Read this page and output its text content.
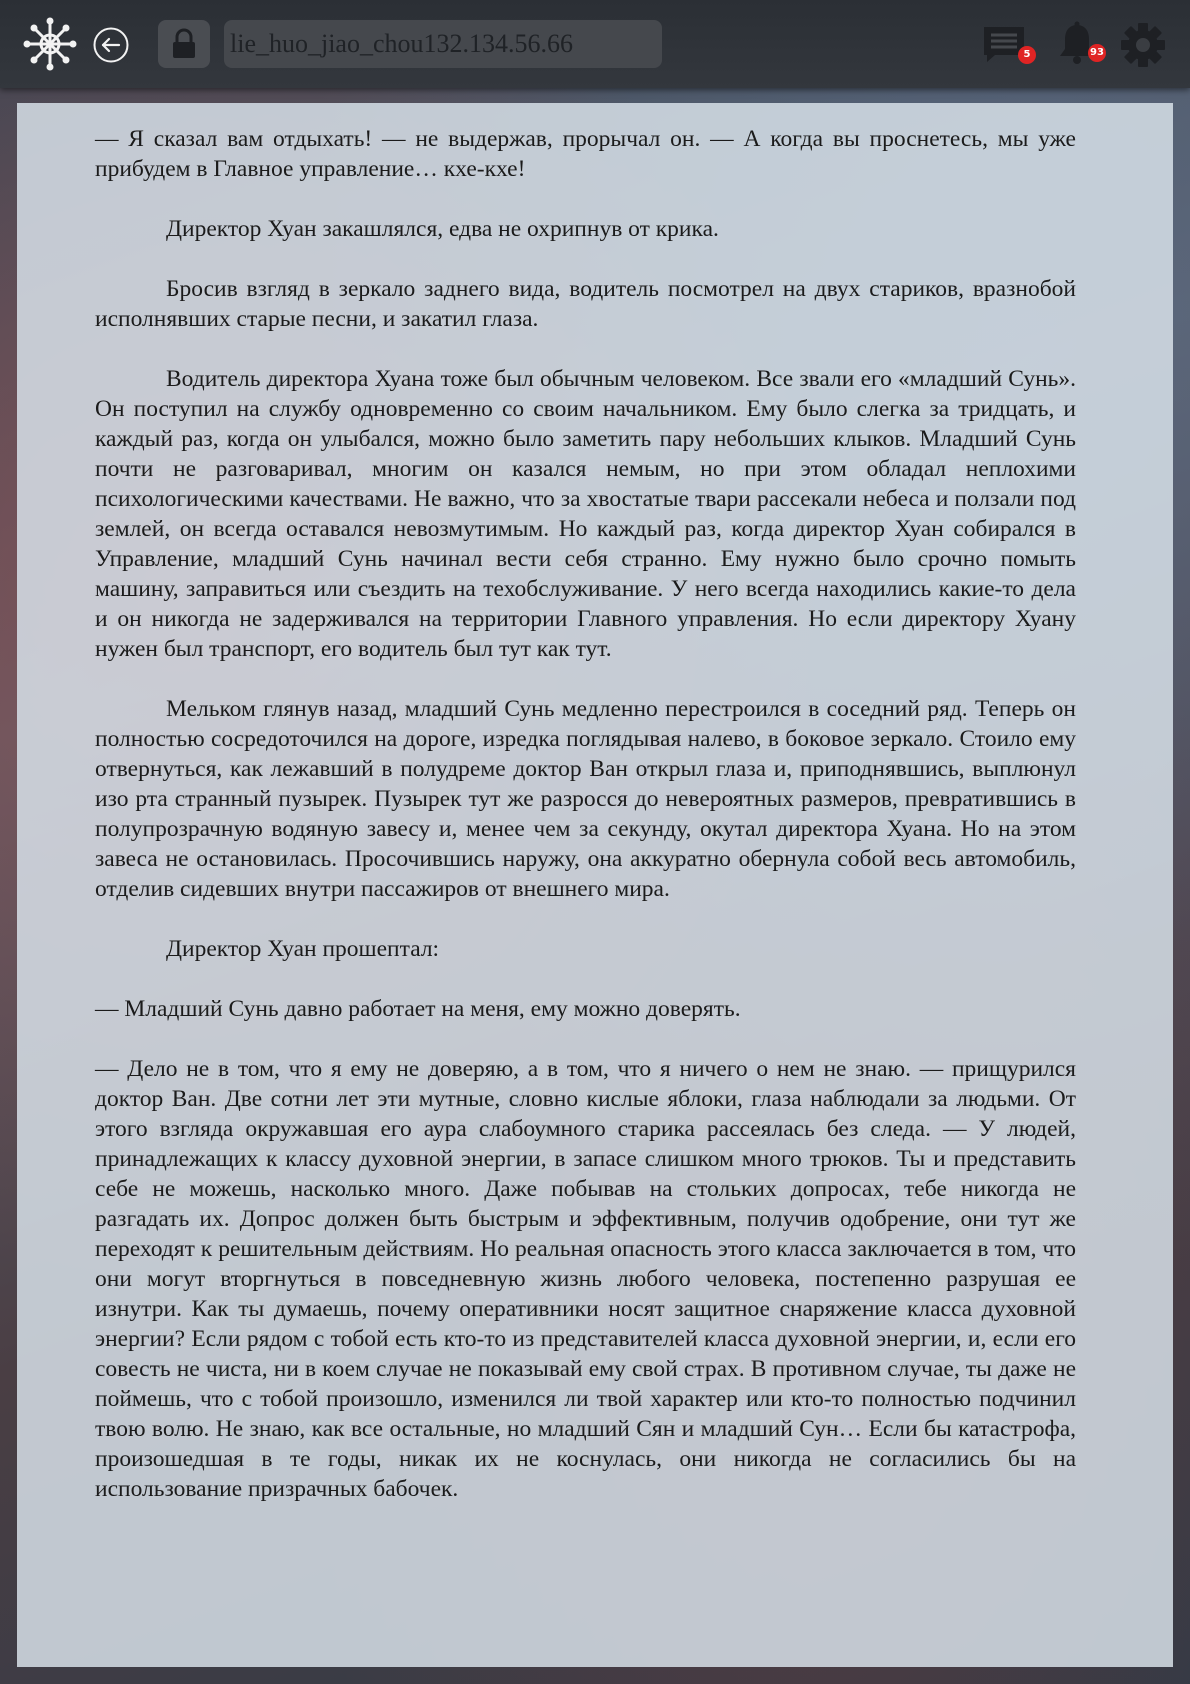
lie_huo_jiao_chou132.134.56.66
5	93

— Я сказал вам отдыхать! — не выдержав, прорычал он. — А когда вы проснетесь, мы уже прибудем в Главное управление… кхе-кхе!

Директор Хуан закашлялся, едва не охрипнув от крика.

Бросив взгляд в зеркало заднего вида, водитель посмотрел на двух стариков, вразнобой исполнявших старые песни, и закатил глаза.

Водитель директора Хуана тоже был обычным человеком. Все звали его «младший Сунь». Он поступил на службу одновременно со своим начальником. Ему было слегка за тридцать, и каждый раз, когда он улыбался, можно было заметить пару небольших клыков. Младший Сунь почти не разговаривал, многим он казался немым, но при этом обладал неплохими психологическими качествами. Не важно, что за хвостатые твари рассекали небеса и ползали под землей, он всегда оставался невозмутимым. Но каждый раз, когда директор Хуан собирался в Управление, младший Сунь начинал вести себя странно. Ему нужно было срочно помыть машину, заправиться или съездить на техобслуживание. У него всегда находились какие-то дела и он никогда не задерживался на территории Главного управления. Но если директору Хуану нужен был транспорт, его водитель был тут как тут.

Мельком глянув назад, младший Сунь медленно перестроился в соседний ряд. Теперь он полностью сосредоточился на дороге, изредка поглядывая налево, в боковое зеркало. Стоило ему отвернуться, как лежавший в полудреме доктор Ван открыл глаза и, приподнявшись, выплюнул изо рта странный пузырек. Пузырек тут же разросся до невероятных размеров, превратившись в полупрозрачную водяную завесу и, менее чем за секунду, окутал директора Хуана. Но на этом завеса не остановилась. Просочившись наружу, она аккуратно обернула собой весь автомобиль, отделив сидевших внутри пассажиров от внешнего мира.

Директор Хуан прошептал:

— Младший Сунь давно работает на меня, ему можно доверять.

— Дело не в том, что я ему не доверяю, а в том, что я ничего о нем не знаю. — прищурился доктор Ван. Две сотни лет эти мутные, словно кислые яблоки, глаза наблюдали за людьми. От этого взгляда окружавшая его аура слабоумного старика рассеялась без следа. — У людей, принадлежащих к классу духовной энергии, в запасе слишком много трюков. Ты и представить себе не можешь, насколько много. Даже побывав на стольких допросах, тебе никогда не разгадать их. Допрос должен быть быстрым и эффективным, получив одобрение, они тут же переходят к решительным действиям. Но реальная опасность этого класса заключается в том, что они могут вторгнуться в повседневную жизнь любого человека, постепенно разрушая ее изнутри. Как ты думаешь, почему оперативники носят защитное снаряжение класса духовной энергии? Если рядом с тобой есть кто-то из представителей класса духовной энергии, и, если его совесть не чиста, ни в коем случае не показывай ему свой страх. В противном случае, ты даже не поймешь, что с тобой произошло, изменился ли твой характер или кто-то полностью подчинил твою волю. Не знаю, как все остальные, но младший Сян и младший Сун… Если бы катастрофа, произошедшая в те годы, никак их не коснулась, они никогда не согласились бы на использование призрачных бабочек.
